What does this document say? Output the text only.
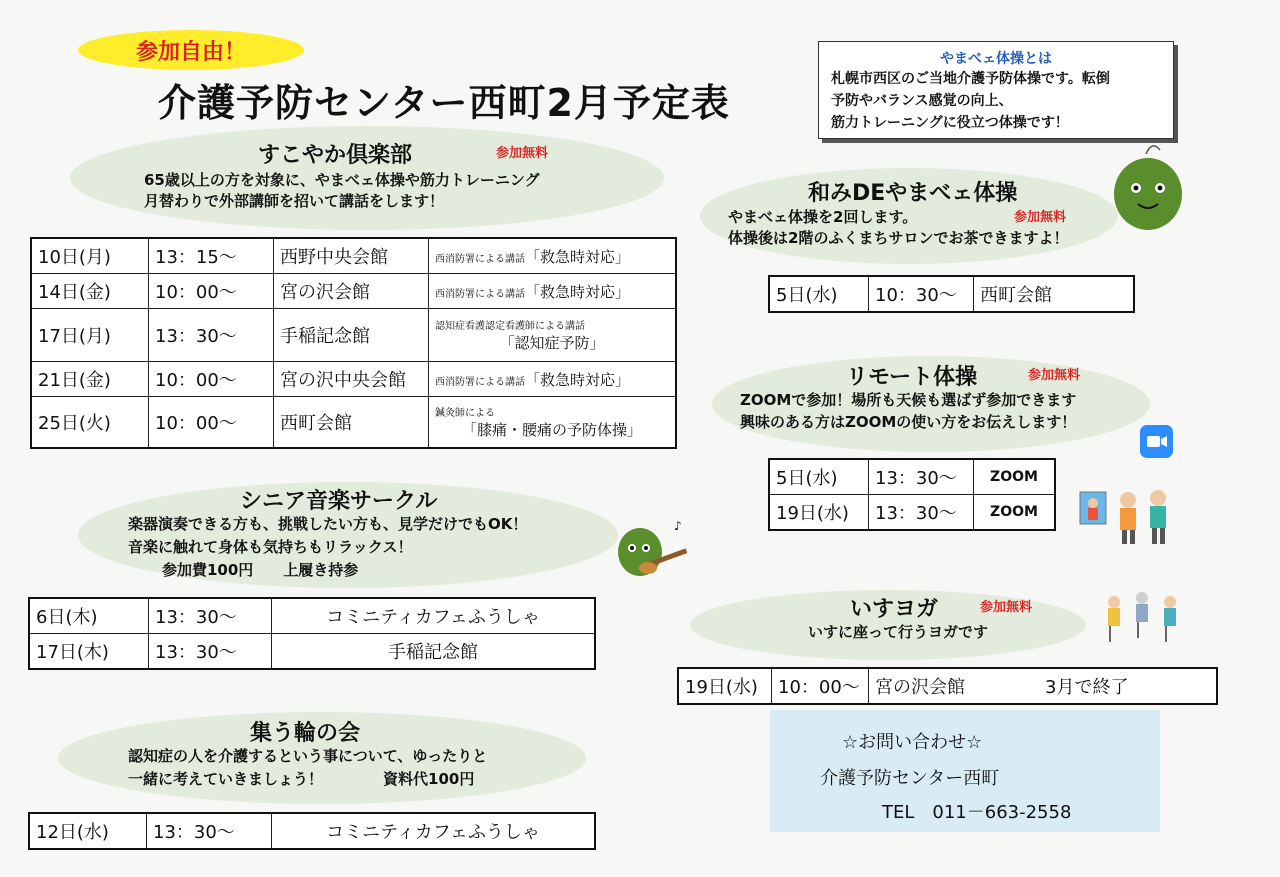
参加自由！
介護予防センター西町2月予定表
やまべェ体操とは
札幌市西区のご当地介護予防体操です。転倒
予防やバランス感覚の向上、
筋力トレーニングに役立つ体操です！
すこやか倶楽部	参加無料
65歳以上の方を対象に、やまべェ体操や筋力トレーニング
月替わりで外部講師を招いて講話をします！
10日(月)	13：15〜	西野中央会館	西消防署による講話「救急時対応」
14日(金)	10：00〜	宮の沢会館	西消防署による講話「救急時対応」
17日(月)	13：30〜	手稲記念館	認知症看護認定看護師による講話
「認知症予防」

21日(金)	10：00〜	宮の沢中央会館	西消防署による講話「救急時対応」
25日(火)	10：00〜	西町会館	鍼灸師による
「膝痛・腰痛の予防体操」
シニア音楽サークル
楽器演奏できる方も、挑戦したい方も、見学だけでもOK！
音楽に触れて身体も気持ちもリラックス！
参加費100円　　上履き持参
♪
6日(木)	13：30〜	コミニティカフェふうしゃ
17日(木)	13：30〜	手稲記念館
集う輪の会
認知症の人を介護するという事について、ゆったりと
一緒に考えていきましょう！　　　　資料代100円
12日(水)	13：30〜	コミニティカフェふうしゃ
和みDEやまべェ体操
参加無料
やまべェ体操を2回します。
体操後は2階のふくまちサロンでお茶できますよ！
5日(水)	10：30〜	西町会館
リモート体操	参加無料
ZOOMで参加！場所も天候も選ばず参加できます
興味のある方はZOOMの使い方をお伝えします！
5日(水)	13：30〜	ZOOM
19日(水)	13：30〜	ZOOM
いすヨガ	参加無料
いすに座って行うヨガです
19日(水)	10：00〜	宮の沢会館	3月で終了
☆お問い合わせ☆
介護予防センター西町
TEL　011－663-2558
